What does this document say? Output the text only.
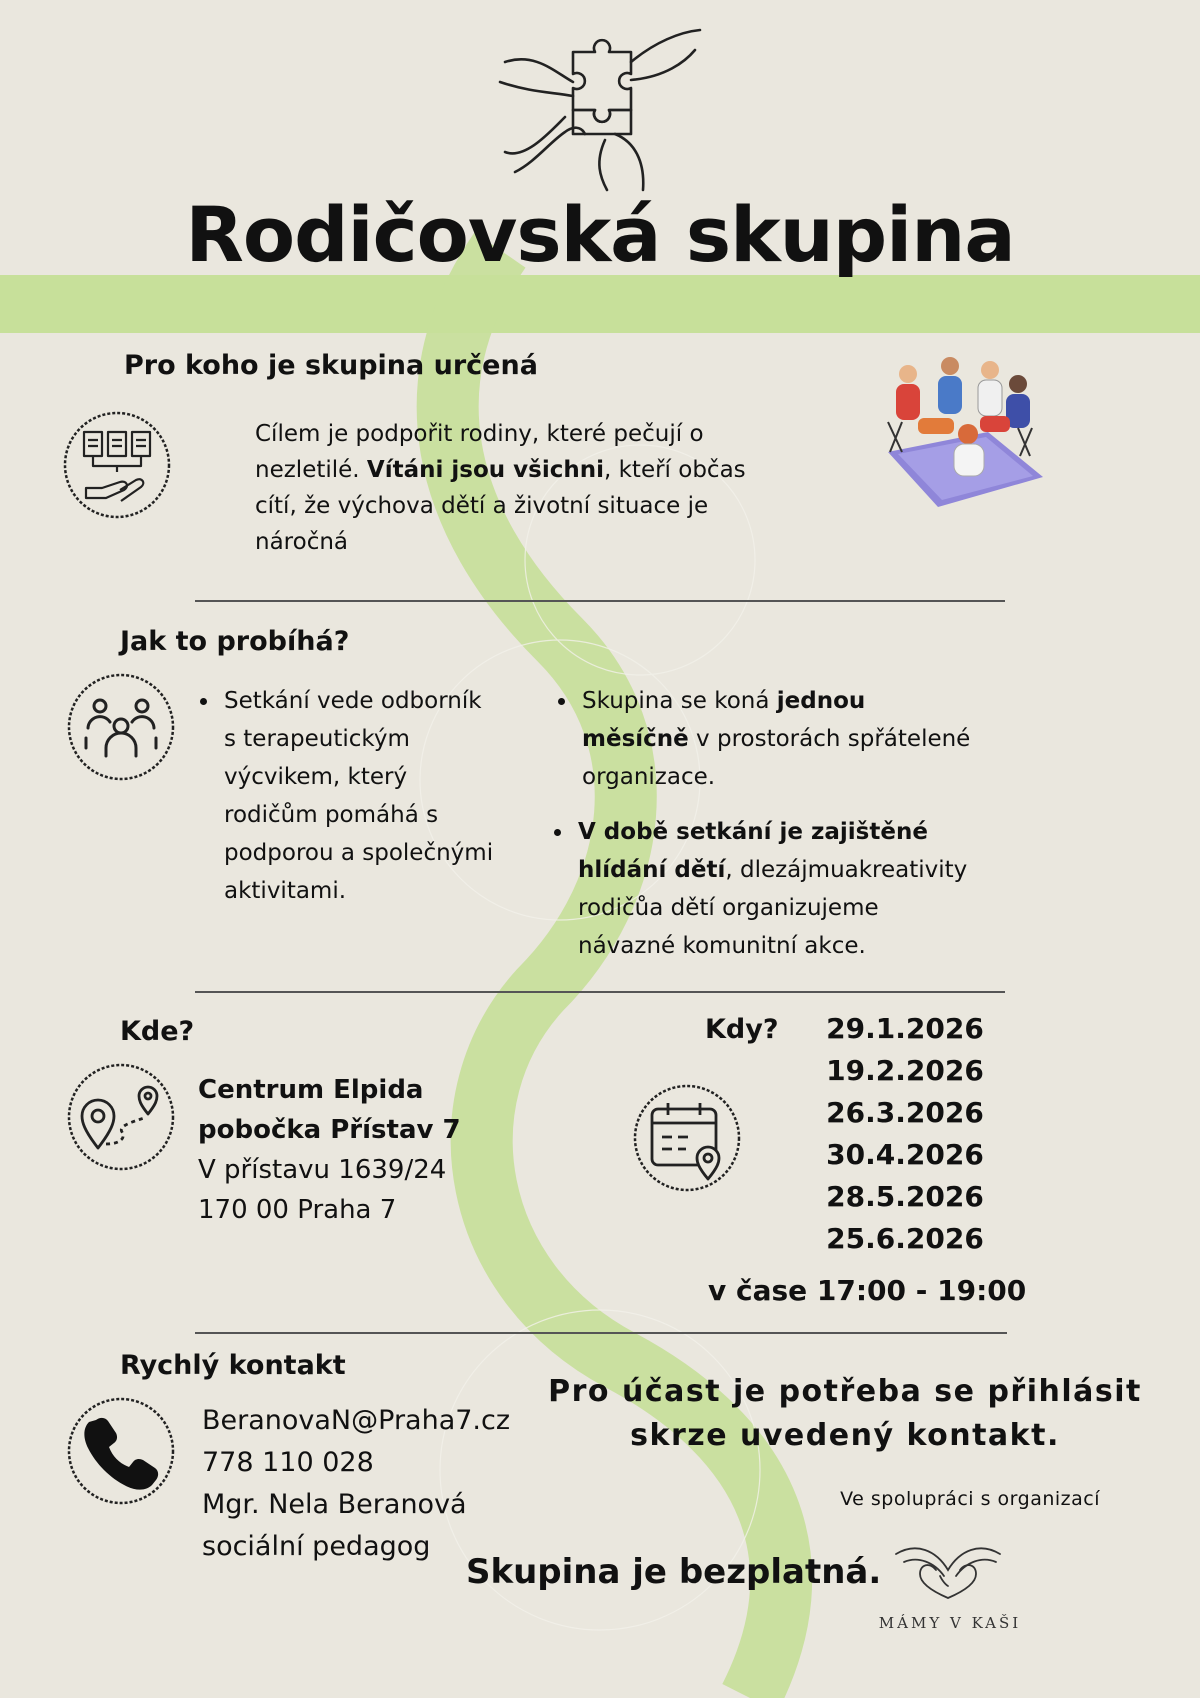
Rodičovská skupina
Pro koho je skupina určená
Cílem je podpořit rodiny, které pečují o nezletilé. Vítáni jsou všichni, kteří občas cítí, že výchova dětí a životní situace je náročná
Jak to probíhá?
Setkání vede odborník s terapeutickým výcvikem, který rodičům pomáhá s podporou a společnými aktivitami.
Skupina se koná jednou měsíčně v prostorách spřátelené organizace.
V době setkání je zajištěné hlídání dětí, dlezájmuakreativity rodičůa dětí organizujeme návazné komunitní akce.
Kde?
Centrum Elpida
pobočka Přístav 7
V přístavu 1639/24
170 00 Praha 7
Kdy? 29.1.2026
19.2.2026
26.3.2026
30.4.2026
28.5.2026
25.6.2026
v čase 17:00 - 19:00
Rychlý kontakt
BeranovaN@Praha7.cz
778 110 028
Mgr. Nela Beranová
sociální pedagog
Pro účast je potřeba se přihlásit
skrze uvedený kontakt.
Ve spolupráci s organizací
Skupina je bezplatná.
MÁMY V KAŠI
